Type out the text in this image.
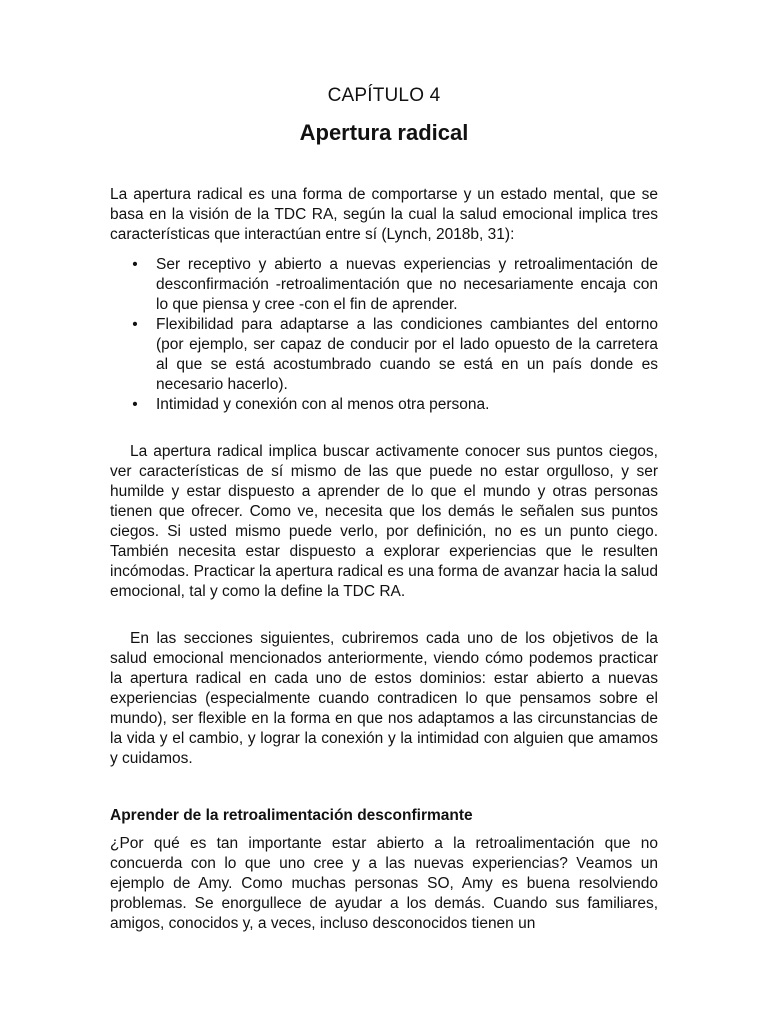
CAPÍTULO 4
Apertura radical

La apertura radical es una forma de comportarse y un estado mental, que se basa en la visión de la TDC RA, según la cual la salud emocional implica tres características que interactúan entre sí (Lynch, 2018b, 31):

• Ser receptivo y abierto a nuevas experiencias y retroalimentación de desconfirmación -retroalimentación que no necesariamente encaja con lo que piensa y cree -con el fin de aprender.
• Flexibilidad para adaptarse a las condiciones cambiantes del entorno (por ejemplo, ser capaz de conducir por el lado opuesto de la carretera al que se está acostumbrado cuando se está en un país donde es necesario hacerlo).
• Intimidad y conexión con al menos otra persona.

La apertura radical implica buscar activamente conocer sus puntos ciegos, ver características de sí mismo de las que puede no estar orgulloso, y ser humilde y estar dispuesto a aprender de lo que el mundo y otras personas tienen que ofrecer. Como ve, necesita que los demás le señalen sus puntos ciegos. Si usted mismo puede verlo, por definición, no es un punto ciego. También necesita estar dispuesto a explorar experiencias que le resulten incómodas. Practicar la apertura radical es una forma de avanzar hacia la salud emocional, tal y como la define la TDC RA.

En las secciones siguientes, cubriremos cada uno de los objetivos de la salud emocional mencionados anteriormente, viendo cómo podemos practicar la apertura radical en cada uno de estos dominios: estar abierto a nuevas experiencias (especialmente cuando contradicen lo que pensamos sobre el mundo), ser flexible en la forma en que nos adaptamos a las circunstancias de la vida y el cambio, y lograr la conexión y la intimidad con alguien que amamos y cuidamos.

Aprender de la retroalimentación desconfirmante

¿Por qué es tan importante estar abierto a la retroalimentación que no concuerda con lo que uno cree y a las nuevas experiencias? Veamos un ejemplo de Amy. Como muchas personas SO, Amy es buena resolviendo problemas. Se enorgullece de ayudar a los demás. Cuando sus familiares, amigos, conocidos y, a veces, incluso desconocidos tienen un
